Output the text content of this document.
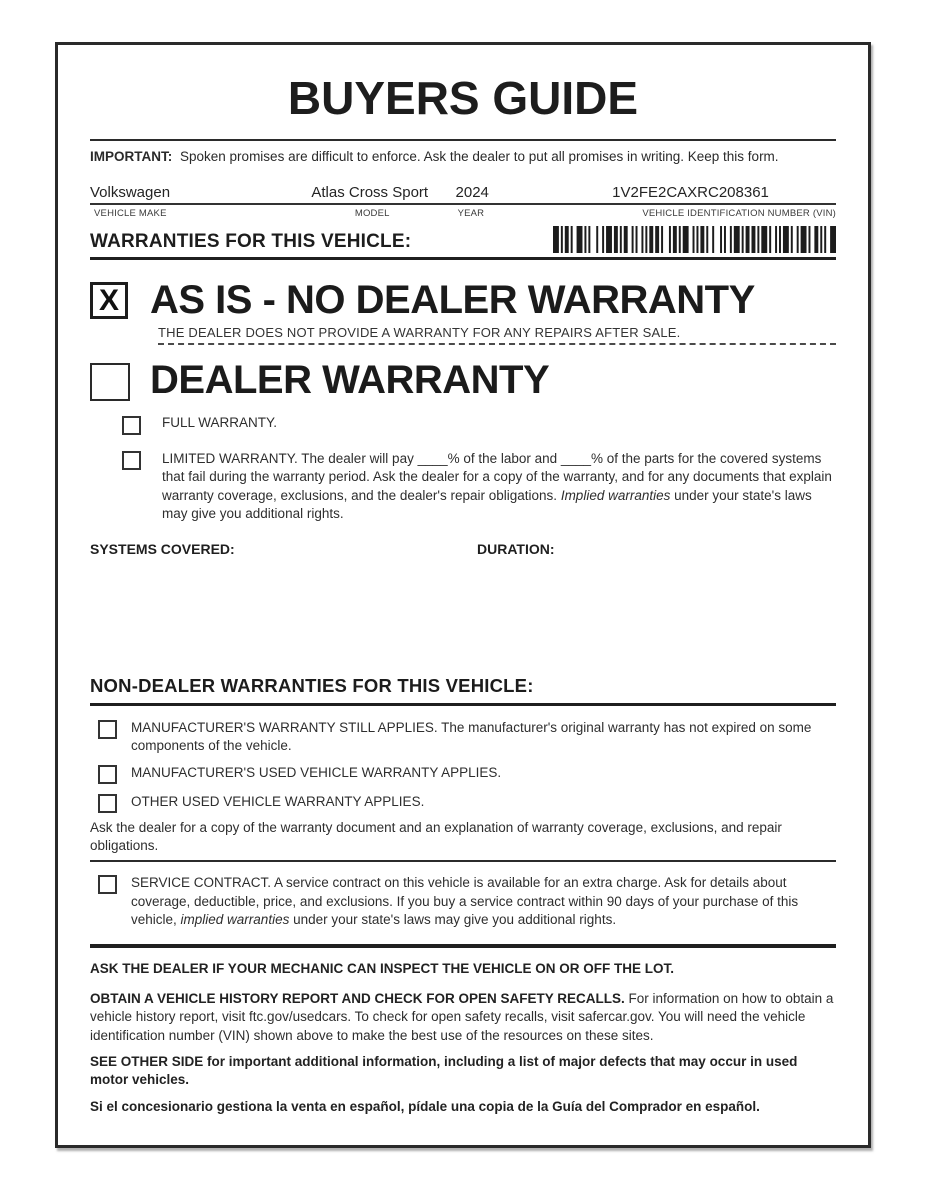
BUYERS GUIDE
IMPORTANT: Spoken promises are difficult to enforce. Ask the dealer to put all promises in writing. Keep this form.
Volkswagen	Atlas Cross Sport	2024	1V2FE2CAXRC208361
VEHICLE MAKE	MODEL	YEAR	VEHICLE IDENTIFICATION NUMBER (VIN)
WARRANTIES FOR THIS VEHICLE:
X AS IS - NO DEALER WARRANTY
THE DEALER DOES NOT PROVIDE A WARRANTY FOR ANY REPAIRS AFTER SALE.
DEALER WARRANTY
FULL WARRANTY.
LIMITED WARRANTY. The dealer will pay ____% of the labor and ____% of the parts for the covered systems that fail during the warranty period. Ask the dealer for a copy of the warranty, and for any documents that explain warranty coverage, exclusions, and the dealer's repair obligations. Implied warranties under your state's laws may give you additional rights.
SYSTEMS COVERED:	DURATION:
NON-DEALER WARRANTIES FOR THIS VEHICLE:
MANUFACTURER'S WARRANTY STILL APPLIES. The manufacturer's original warranty has not expired on some components of the vehicle.
MANUFACTURER'S USED VEHICLE WARRANTY APPLIES.
OTHER USED VEHICLE WARRANTY APPLIES.
Ask the dealer for a copy of the warranty document and an explanation of warranty coverage, exclusions, and repair obligations.
SERVICE CONTRACT. A service contract on this vehicle is available for an extra charge. Ask for details about coverage, deductible, price, and exclusions. If you buy a service contract within 90 days of your purchase of this vehicle, implied warranties under your state's laws may give you additional rights.
ASK THE DEALER IF YOUR MECHANIC CAN INSPECT THE VEHICLE ON OR OFF THE LOT.
OBTAIN A VEHICLE HISTORY REPORT AND CHECK FOR OPEN SAFETY RECALLS. For information on how to obtain a vehicle history report, visit ftc.gov/usedcars. To check for open safety recalls, visit safercar.gov. You will need the vehicle identification number (VIN) shown above to make the best use of the resources on these sites.
SEE OTHER SIDE for important additional information, including a list of major defects that may occur in used motor vehicles.
Si el concesionario gestiona la venta en español, pídale una copia de la Guía del Comprador en español.
